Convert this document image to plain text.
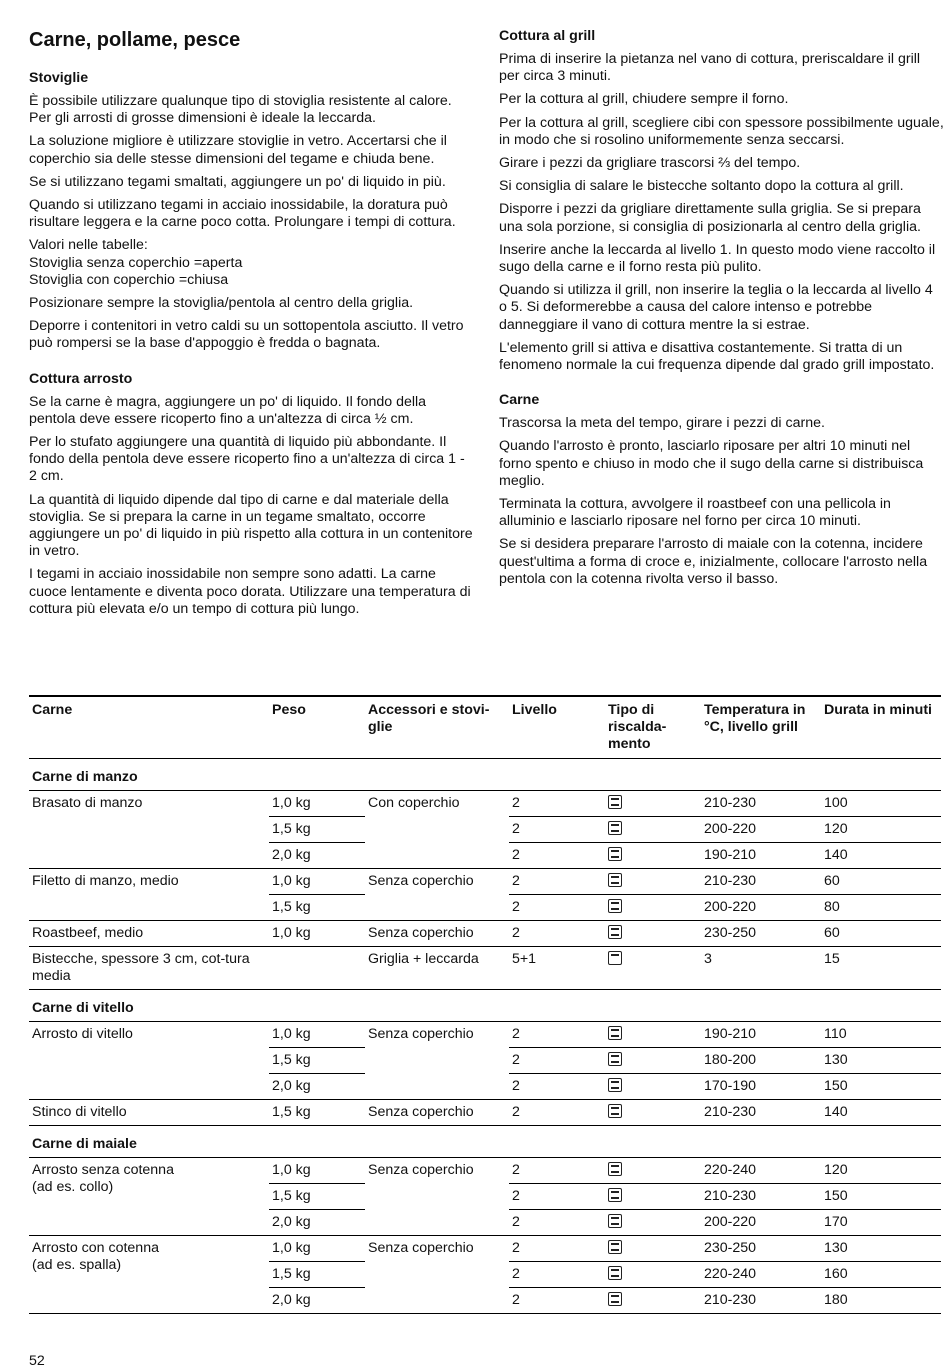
Carne, pollame, pesce
Stoviglie

È possibile utilizzare qualunque tipo di stoviglia resistente al calore. Per gli arrosti di grosse dimensioni è ideale la leccarda.

La soluzione migliore è utilizzare stoviglie in vetro. Accertarsi che il coperchio sia delle stesse dimensioni del tegame e chiuda bene.

Se si utilizzano tegami smaltati, aggiungere un po' di liquido in più.

Quando si utilizzano tegami in acciaio inossidabile, la doratura può risultare leggera e la carne poco cotta. Prolungare i tempi di cottura.

Valori nelle tabelle:
Stoviglia senza coperchio =aperta
Stoviglia con coperchio =chiusa

Posizionare sempre la stoviglia/pentola al centro della griglia.

Deporre i contenitori in vetro caldi su un sottopentola asciutto. Il vetro può rompersi se la base d'appoggio è fredda o bagnata.

Cottura arrosto

Se la carne è magra, aggiungere un po' di liquido. Il fondo della pentola deve essere ricoperto fino a un'altezza di circa ½ cm.

Per lo stufato aggiungere una quantità di liquido più abbondante. Il fondo della pentola deve essere ricoperto fino a un'altezza di circa 1 - 2 cm.

La quantità di liquido dipende dal tipo di carne e dal materiale della stoviglia. Se si prepara la carne in un tegame smaltato, occorre aggiungere un po' di liquido in più rispetto alla cottura in un contenitore in vetro.

I tegami in acciaio inossidabile non sempre sono adatti. La carne cuoce lentamente e diventa poco dorata. Utilizzare una temperatura di cottura più elevata e/o un tempo di cottura più lungo.

Cottura al grill

Prima di inserire la pietanza nel vano di cottura, preriscaldare il grill per circa 3 minuti.

Per la cottura al grill, chiudere sempre il forno.

Per la cottura al grill, scegliere cibi con spessore possibilmente uguale, in modo che si rosolino uniformemente senza seccarsi.

Girare i pezzi da grigliare trascorsi ⅔ del tempo.

Si consiglia di salare le bistecche soltanto dopo la cottura al grill.

Disporre i pezzi da grigliare direttamente sulla griglia. Se si prepara una sola porzione, si consiglia di posizionarla al centro della griglia.

Inserire anche la leccarda al livello 1. In questo modo viene raccolto il sugo della carne e il forno resta più pulito.

Quando si utilizza il grill, non inserire la teglia o la leccarda al livello 4 o 5. Si deformerebbe a causa del calore intenso e potrebbe danneggiare il vano di cottura mentre la si estrae.

L'elemento grill si attiva e disattiva costantemente. Si tratta di un fenomeno normale la cui frequenza dipende dal grado grill impostato.

Carne

Trascorsa la meta del tempo, girare i pezzi di carne.

Quando l'arrosto è pronto, lasciarlo riposare per altri 10 minuti nel forno spento e chiuso in modo che il sugo della carne si distribuisca meglio.

Terminata la cottura, avvolgere il roastbeef con una pellicola in alluminio e lasciarlo riposare nel forno per circa 10 minuti.

Se si desidera preparare l'arrosto di maiale con la cotenna, incidere quest'ultima a forma di croce e, inizialmente, collocare l'arrosto nella pentola con la cotenna rivolta verso il basso.

Carne	Peso	Accessori e stovi-glie	Livello	Tipo di riscalda-mento	Temperatura in °C, livello grill	Durata in minuti
Carne di manzo						
Brasato di manzo	1,0 kg	Con coperchio	2		210-230	100
	1,5 kg		2		200-220	120
	2,0 kg		2		190-210	140
Filetto di manzo, medio	1,0 kg	Senza coperchio	2		210-230	60
	1,5 kg		2		200-220	80
Roastbeef, medio	1,0 kg	Senza coperchio	2		230-250	60
Bistecche, spessore 3 cm, cot-tura media		Griglia + leccarda	5+1		3	15
Carne di vitello						
Arrosto di vitello	1,0 kg	Senza coperchio	2		190-210	110
	1,5 kg		2		180-200	130
	2,0 kg		2		170-190	150
Stinco di vitello	1,5 kg	Senza coperchio	2		210-230	140
Carne di maiale						
Arrosto senza cotenna
(ad es. collo)	1,0 kg	Senza coperchio	2		220-240	120
	1,5 kg		2		210-230	150
	2,0 kg		2		200-220	170
Arrosto con cotenna
(ad es. spalla)	1,0 kg	Senza coperchio	2		230-250	130
	1,5 kg		2		220-240	160
	2,0 kg		2		210-230	180
52
